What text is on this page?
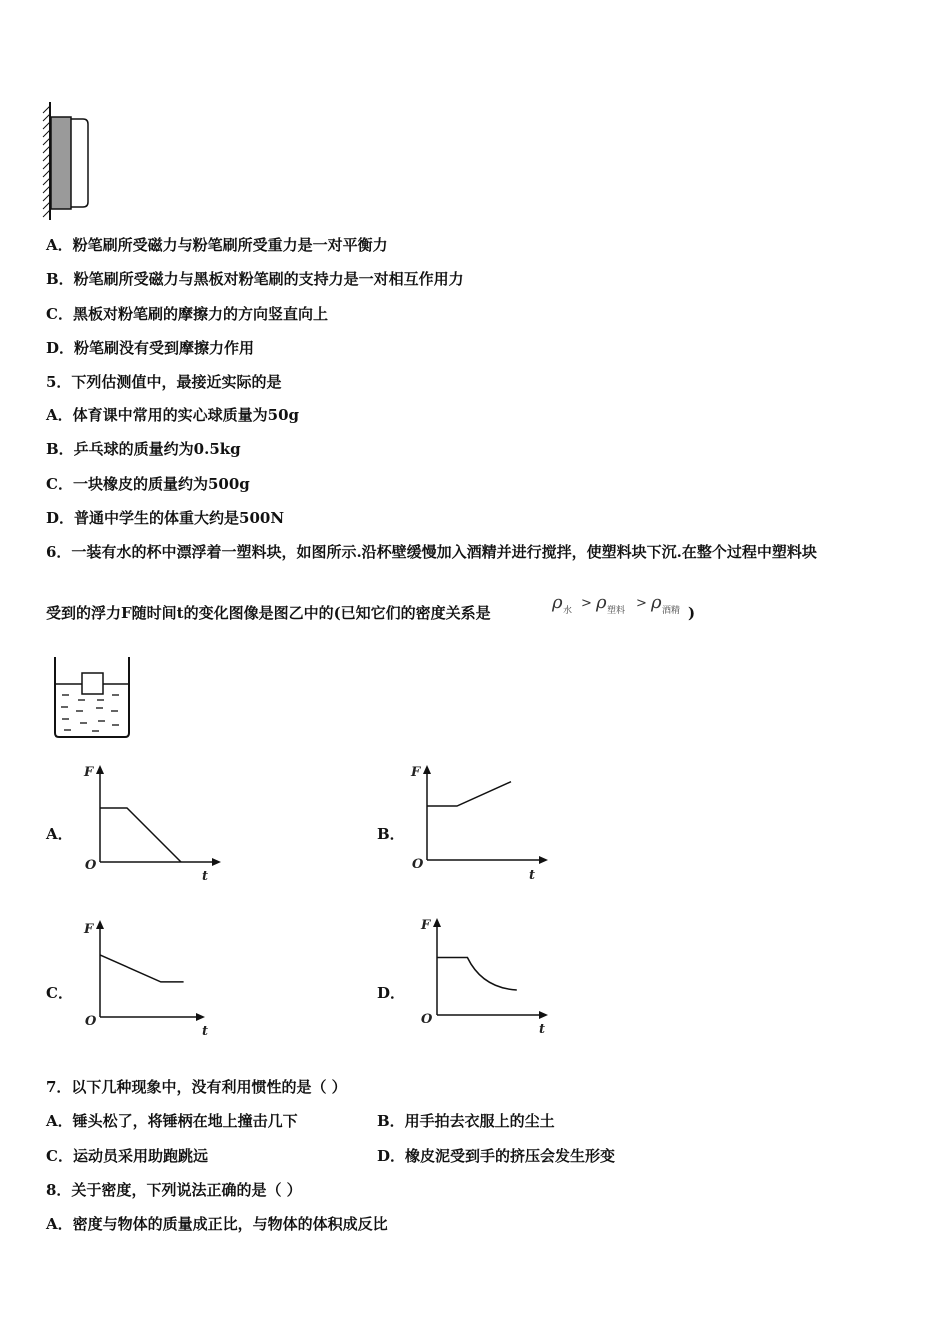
A．粉笔刷所受磁力与粉笔刷所受重力是一对平衡力
B．粉笔刷所受磁力与黑板对粉笔刷的支持力是一对相互作用力
C．黑板对粉笔刷的摩擦力的方向竖直向上
D．粉笔刷没有受到摩擦力作用
5．下列估测值中，最接近实际的是
A．体育课中常用的实心球质量为50g
B．乒乓球的质量约为0.5kg
C．一块橡皮的质量约为500g
D．普通中学生的体重大约是500N
6．一装有水的杯中漂浮着一塑料块，如图所示.沿杯壁缓慢加入酒精并进行搅拌，使塑料块下沉.在整个过程中塑料块
受到的浮力F随时间t的变化图像是图乙中的(已知它们的密度关系是	ρ 水 > ρ 塑料 > ρ 酒精 )
A．	B．
C．	D．
F
O
t
F
O
t
F
O
t
F
O
t
7．以下几种现象中，没有利用惯性的是（ ）
A．锤头松了，将锤柄在地上撞击几下	B．用手拍去衣服上的尘土
C．运动员采用助跑跳远	D．橡皮泥受到手的挤压会发生形变
8．关于密度，下列说法正确的是（ ）
A．密度与物体的质量成正比，与物体的体积成反比
